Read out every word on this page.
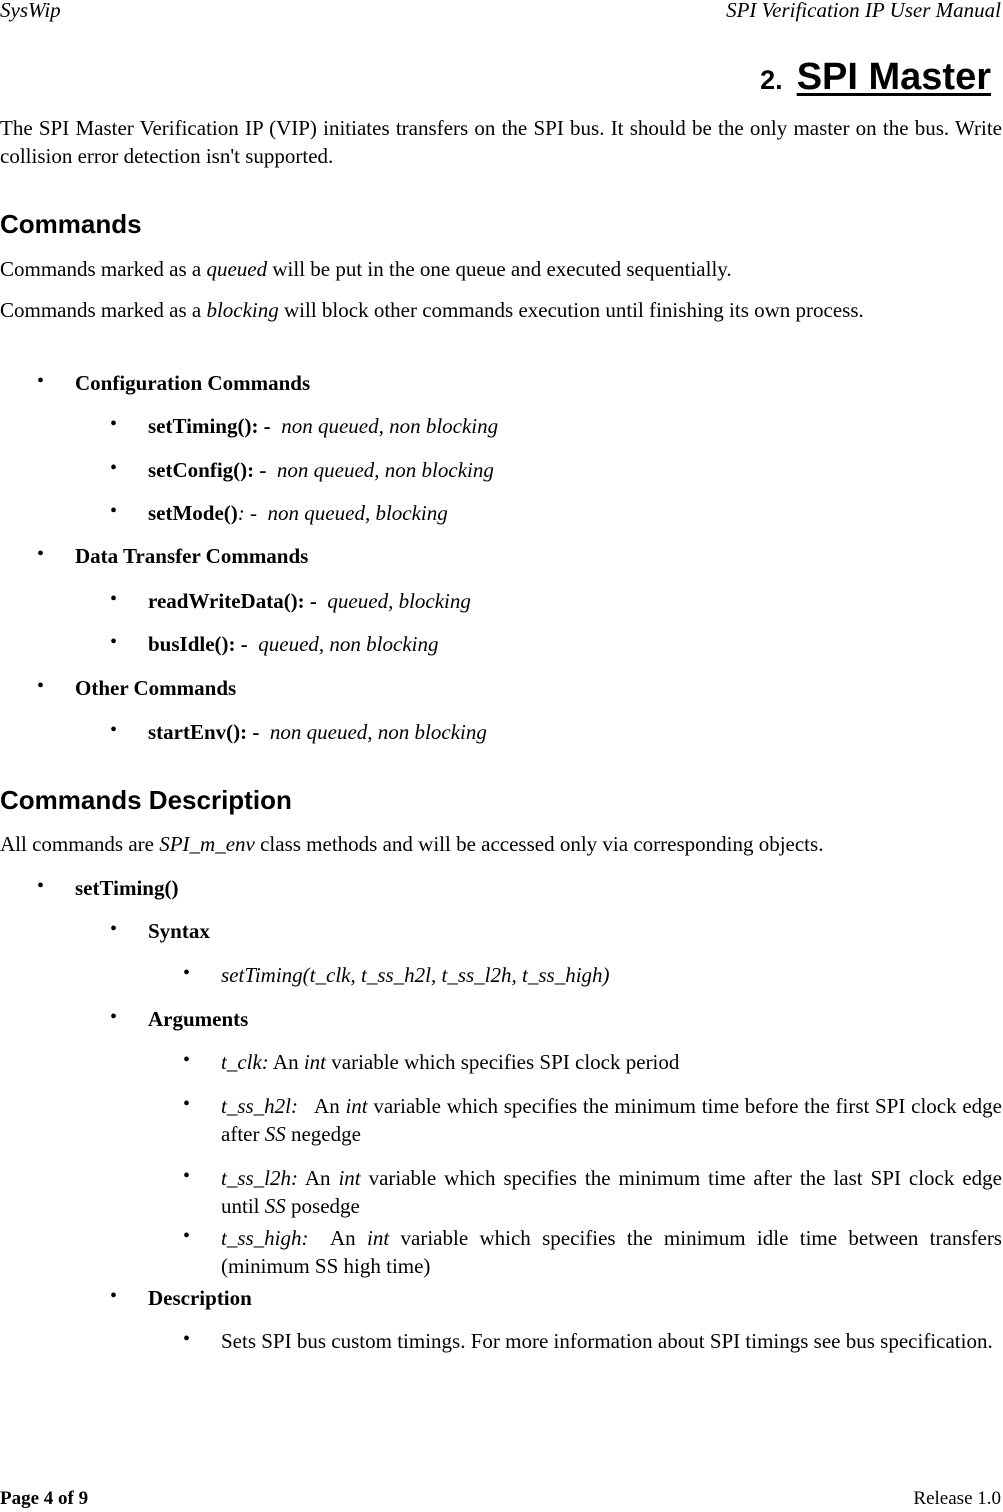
SysWip	SPI Verification IP User Manual
2. SPI Master
The SPI Master Verification IP (VIP) initiates transfers on the SPI bus. It should be the only master on the bus. Write collision error detection isn't supported.
Commands
Commands marked as a queued will be put in the one queue and executed sequentially.
Commands marked as a blocking will block other commands execution until finishing its own process.
• Configuration Commands
• setTiming(): - non queued, non blocking
• setConfig(): - non queued, non blocking
• setMode(): - non queued, blocking
• Data Transfer Commands
• readWriteData(): - queued, blocking
• busIdle(): - queued, non blocking
• Other Commands
• startEnv(): - non queued, non blocking
Commands Description
All commands are SPI_m_env class methods and will be accessed only via corresponding objects.
• setTiming()
• Syntax
• setTiming(t_clk, t_ss_h2l, t_ss_l2h, t_ss_high)
• Arguments
• t_clk: An int variable which specifies SPI clock period
• t_ss_h2l:   An int variable which specifies the minimum time before the first SPI clock edge after SS negedge
• t_ss_l2h: An int variable which specifies the minimum time after the last SPI clock edge until SS posedge
• t_ss_high:  An int variable which specifies the minimum idle time between transfers (minimum SS high time)
• Description
• Sets SPI bus custom timings. For more information about SPI timings see bus specification.
Page 4 of 9	Release 1.0
